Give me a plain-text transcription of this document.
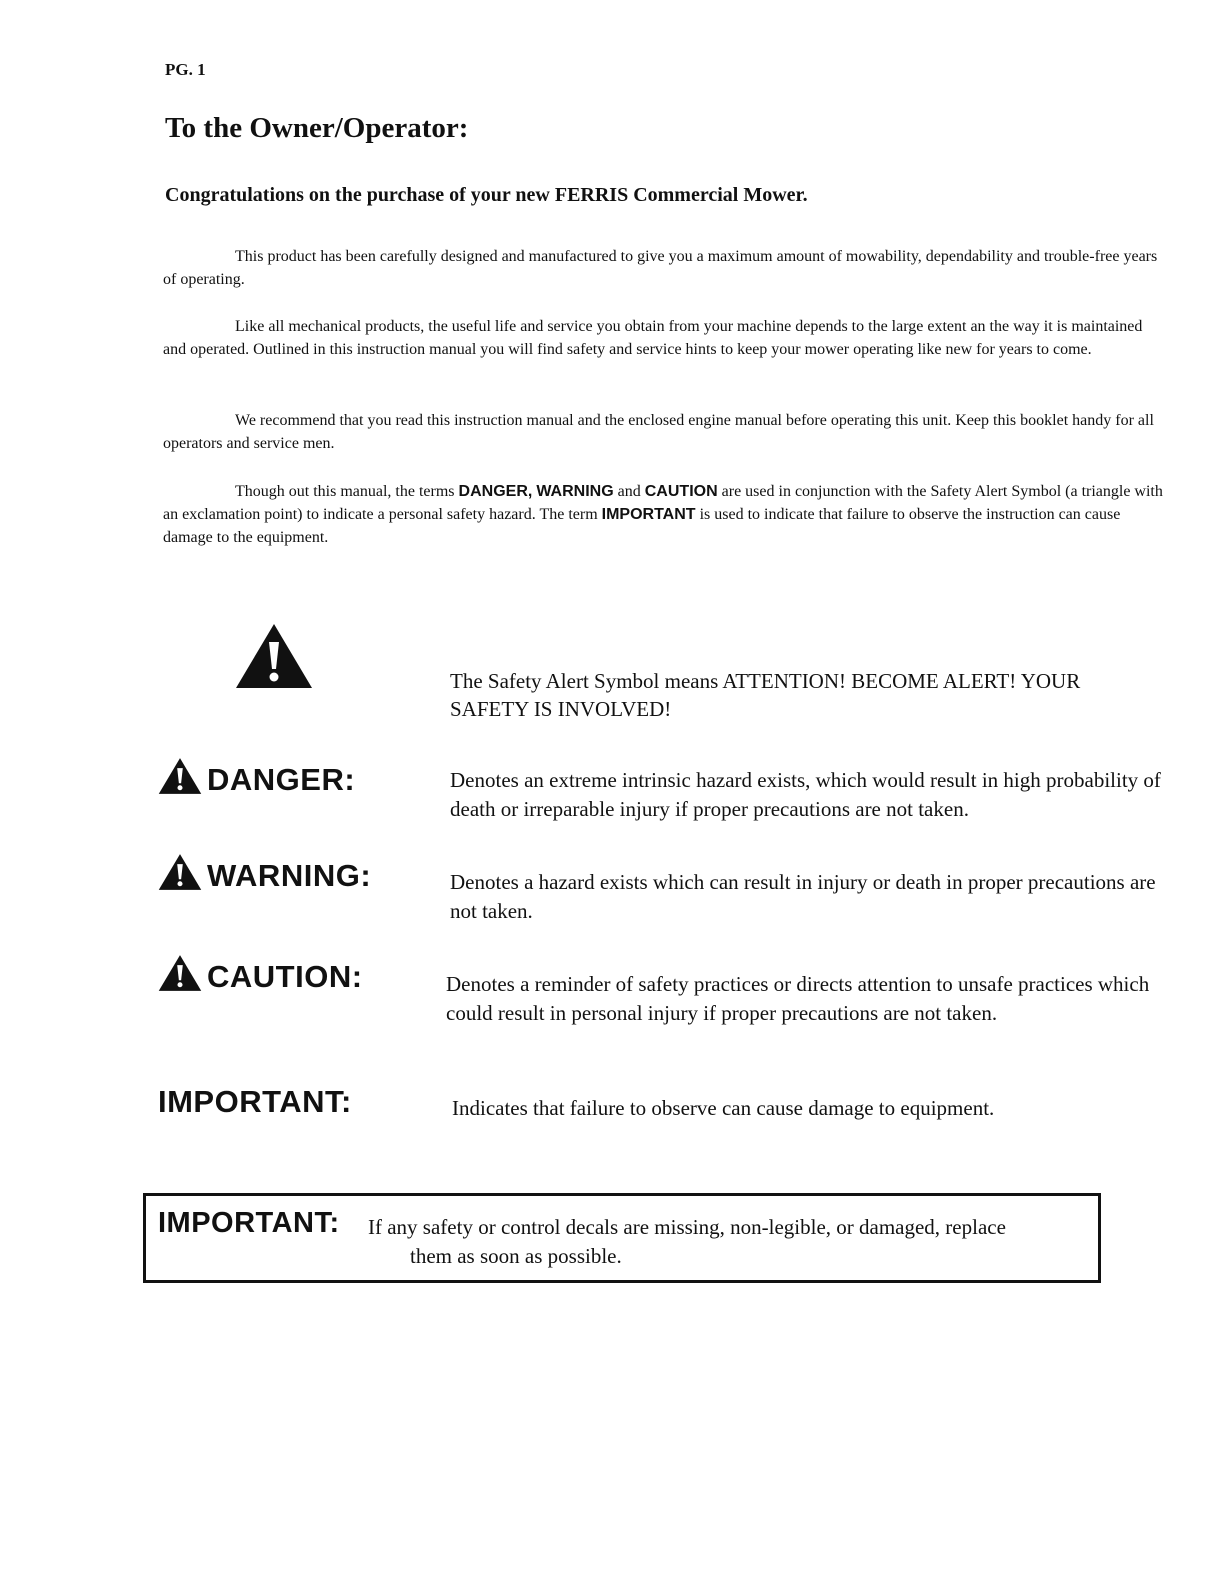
PG. 1
To the Owner/Operator:
Congratulations on the purchase of your new FERRIS Commercial Mower.

This product has been carefully designed and manufactured to give you a maximum amount of mowability, dependability and trouble-free years of operating.

Like all mechanical products, the useful life and service you obtain from your machine depends to the large extent an the way it is maintained and operated. Outlined in this instruction manual you will find safety and service hints to keep your mower operating like new for years to come.

We recommend that you read this instruction manual and the enclosed engine manual before operating this unit. Keep this booklet handy for all operators and service men.

Though out this manual, the terms DANGER, WARNING and CAUTION are used in conjunction with the Safety Alert Symbol (a triangle with an exclamation point) to indicate a personal safety hazard. The term IMPORTANT is used to indicate that failure to observe the instruction can cause damage to the equipment.

The Safety Alert Symbol means ATTENTION! BECOME ALERT! YOUR SAFETY IS INVOLVED!

DANGER:	Denotes an extreme intrinsic hazard exists, which would result in high probability of death or irreparable injury if proper precautions are not taken.

WARNING:	Denotes a hazard exists which can result in injury or death in proper precautions are not taken.

CAUTION:	Denotes a reminder of safety practices or directs attention to unsafe practices which could result in personal injury if proper precautions are not taken.

IMPORTANT:	Indicates that failure to observe can cause damage to equipment.

IMPORTANT: If any safety or control decals are missing, non-legible, or damaged, replace
them as soon as possible.
